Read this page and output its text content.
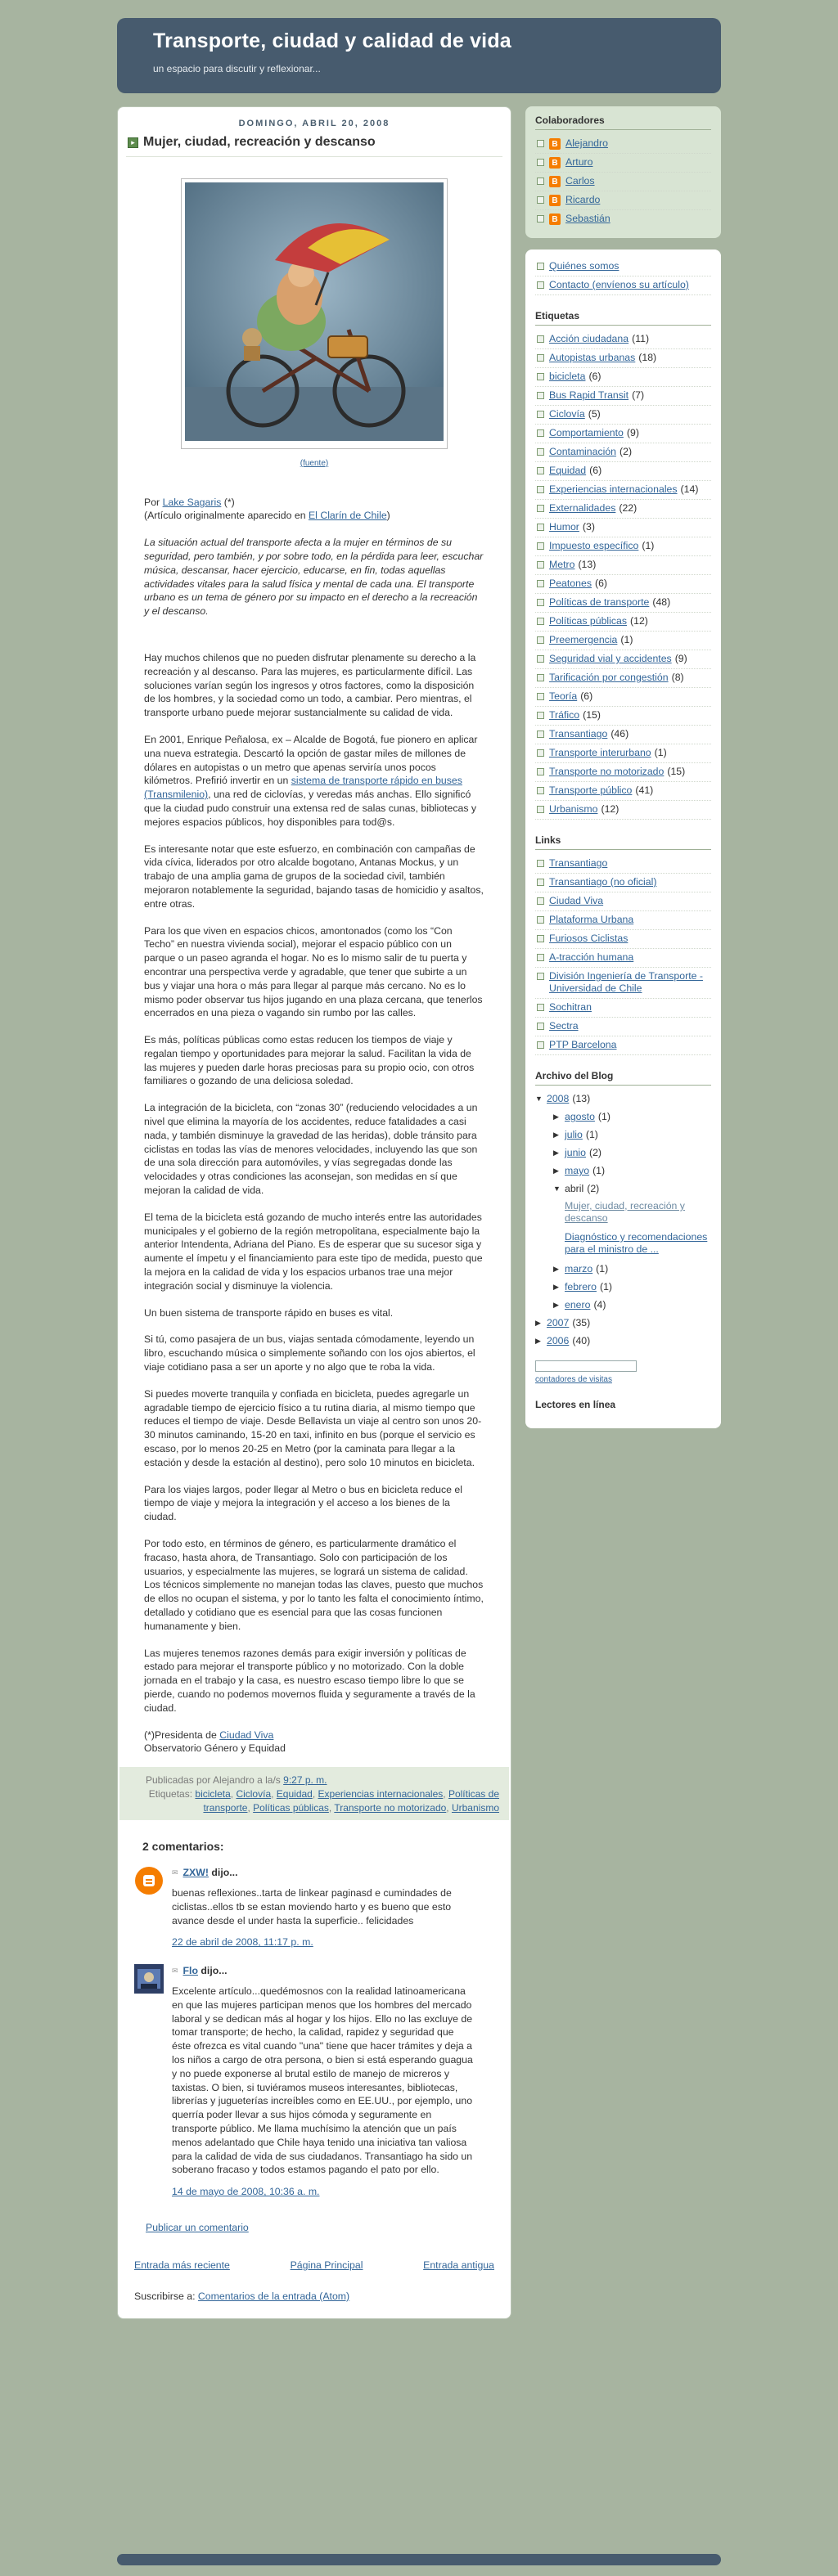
Transporte, ciudad y calidad de vida
un espacio para discutir y reflexionar...
DOMINGO, ABRIL 20, 2008
▸ Mujer, ciudad, recreación y descanso
(fuente)

Por Lake Sagaris (*)
(Artículo originalmente aparecido en El Clarín de Chile)

La situación actual del transporte afecta a la mujer en términos de su seguridad, pero también, y por sobre todo, en la pérdida para leer, escuchar música, descansar, hacer ejercicio, educarse, en fin, todas aquellas actividades vitales para la salud física y mental de cada una. El transporte urbano es un tema de género por su impacto en el derecho a la recreación y el descanso.

Hay muchos chilenos que no pueden disfrutar plenamente su derecho a la recreación y al descanso. Para las mujeres, es particularmente difícil. Las soluciones varían según los ingresos y otros factores, como la disposición de los hombres, y la sociedad como un todo, a cambiar. Pero mientras, el transporte urbano puede mejorar sustancialmente su calidad de vida.

En 2001, Enrique Peñalosa, ex – Alcalde de Bogotá, fue pionero en aplicar una nueva estrategia. Descartó la opción de gastar miles de millones de dólares en autopistas o un metro que apenas serviría unos pocos kilómetros. Prefirió invertir en un sistema de transporte rápido en buses (Transmilenio), una red de ciclovías, y veredas más anchas. Ello significó que la ciudad pudo construir una extensa red de salas cunas, bibliotecas y mejores espacios públicos, hoy disponibles para tod@s.

Es interesante notar que este esfuerzo, en combinación con campañas de vida cívica, liderados por otro alcalde bogotano, Antanas Mockus, y un trabajo de una amplia gama de grupos de la sociedad civil, también mejoraron notablemente la seguridad, bajando tasas de homicidio y asaltos, entre otras.

Para los que viven en espacios chicos, amontonados (como los “Con Techo” en nuestra vivienda social), mejorar el espacio público con un parque o un paseo agranda el hogar. No es lo mismo salir de tu puerta y encontrar una perspectiva verde y agradable, que tener que subirte a un bus y viajar una hora o más para llegar al parque más cercano. No es lo mismo poder observar tus hijos jugando en una plaza cercana, que tenerlos encerrados en una pieza o vagando sin rumbo por las calles.

Es más, políticas públicas como estas reducen los tiempos de viaje y regalan tiempo y oportunidades para mejorar la salud. Facilitan la vida de las mujeres y pueden darle horas preciosas para su propio ocio, con otros familiares o gozando de una deliciosa soledad.

La integración de la bicicleta, con “zonas 30” (reduciendo velocidades a un nivel que elimina la mayoría de los accidentes, reduce fatalidades a casi nada, y también disminuye la gravedad de las heridas), doble tránsito para ciclistas en todas las vías de menores velocidades, incluyendo las que son de una sola dirección para automóviles, y vías segregadas donde las velocidades y otras condiciones las aconsejan, son medidas en sí que mejoran la calidad de vida.

El tema de la bicicleta está gozando de mucho interés entre las autoridades municipales y el gobierno de la región metropolitana, especialmente bajo la anterior Intendenta, Adriana del Piano. Es de esperar que su sucesor siga y aumente el ímpetu y el financiamiento para este tipo de medida, puesto que la mejora en la calidad de vida y los espacios urbanos trae una mejor integración social y disminuye la violencia.

Un buen sistema de transporte rápido en buses es vital.

Si tú, como pasajera de un bus, viajas sentada cómodamente, leyendo un libro, escuchando música o simplemente soñando con los ojos abiertos, el viaje cotidiano pasa a ser un aporte y no algo que te roba la vida.

Si puedes moverte tranquila y confiada en bicicleta, puedes agregarle un agradable tiempo de ejercicio físico a tu rutina diaria, al mismo tiempo que reduces el tiempo de viaje. Desde Bellavista un viaje al centro son unos 20-30 minutos caminando, 15-20 en taxi, infinito en bus (porque el servicio es escaso, por lo menos 20-25 en Metro (por la caminata para llegar a la estación y desde la estación al destino), pero solo 10 minutos en bicicleta.

Para los viajes largos, poder llegar al Metro o bus en bicicleta reduce el tiempo de viaje y mejora la integración y el acceso a los bienes de la ciudad.

Por todo esto, en términos de género, es particularmente dramático el fracaso, hasta ahora, de Transantiago. Solo con participación de los usuarios, y especialmente las mujeres, se logrará un sistema de calidad. Los técnicos simplemente no manejan todas las claves, puesto que muchos de ellos no ocupan el sistema, y por lo tanto les falta el conocimiento íntimo, detallado y cotidiano que es esencial para que las cosas funcionen humanamente y bien.

Las mujeres tenemos razones demás para exigir inversión y políticas de estado para mejorar el transporte público y no motorizado. Con la doble jornada en el trabajo y la casa, es nuestro escaso tiempo libre lo que se pierde, cuando no podemos movernos fluida y seguramente a través de la ciudad.

(*)Presidenta de Ciudad Viva
Observatorio Género y Equidad

Publicadas por Alejandro a la/s 9:27 p. m.
Etiquetas: bicicleta, Ciclovía, Equidad, Experiencias internacionales, Políticas de transporte, Políticas públicas, Transporte no motorizado, Urbanismo
2 comentarios:
✉ ZXW!
dijo...
buenas reflexiones..tarta de linkear paginasd e cumindades de ciclistas..ellos tb se estan moviendo harto y es bueno que esto avance desde el under hasta la superficie.. felicidades
22 de abril de 2008, 11:17 p. m.
✉ Flo
dijo...
Excelente artículo...quedémosnos con la realidad latinoamericana en que las mujeres participan menos que los hombres del mercado laboral y se dedican más al hogar y los hijos. Ello no las excluye de tomar transporte; de hecho, la calidad, rapidez y seguridad que éste ofrezca es vital cuando "una" tiene que hacer trámites y deja a los niños a cargo de otra persona, o bien si está esperando guagua y no puede exponerse al brutal estilo de manejo de micreros y taxistas. O bien, si tuviéramos museos interesantes, bibliotecas, librerías y jugueterías increíbles como en EE.UU., por ejemplo, uno querría poder llevar a sus hijos cómoda y seguramente en transporte público. Me llama muchísimo la atención que un país menos adelantado que Chile haya tenido una iniciativa tan valiosa para la calidad de vida de sus ciudadanos. Transantiago ha sido un soberano fracaso y todos estamos pagando el pato por ello.
14 de mayo de 2008, 10:36 a. m.
Publicar un comentario
Entrada más reciente	Página Principal	Entrada antigua
Suscribirse a: Comentarios de la entrada (Atom)
Colaboradores
B Alejandro
B Arturo
B Carlos
B Ricardo
B Sebastián
Quiénes somos
Contacto (envíenos su artículo)
Etiquetas
Acción ciudadana (11)
Autopistas urbanas (18)
bicicleta (6)
Bus Rapid Transit (7)
Ciclovía (5)
Comportamiento (9)
Contaminación (2)
Equidad (6)
Experiencias internacionales (14)
Externalidades (22)
Humor (3)
Impuesto específico (1)
Metro (13)
Peatones (6)
Políticas de transporte (48)
Políticas públicas (12)
Preemergencia (1)
Seguridad vial y accidentes (9)
Tarificación por congestión (8)
Teoría (6)
Tráfico (15)
Transantiago (46)
Transporte interurbano (1)
Transporte no motorizado (15)
Transporte público (41)
Urbanismo (12)
Links
Transantiago
Transantiago (no oficial)
Ciudad Viva
Plataforma Urbana
Furiosos Ciclistas
A-tracción humana
División Ingeniería de Transporte - Universidad de Chile
Sochitran
Sectra
PTP Barcelona
Archivo del Blog
▼ 2008 (13)
▶ agosto (1)
▶ julio (1)
▶ junio (2)
▶ mayo (1)
▼ abril (2)
Mujer, ciudad, recreación y descanso
Diagnóstico y recomendaciones para el ministro de ...
▶ marzo (1)
▶ febrero (1)
▶ enero (4)
▶ 2007 (35)
▶ 2006 (40)
contadores de visitas
Lectores en línea
